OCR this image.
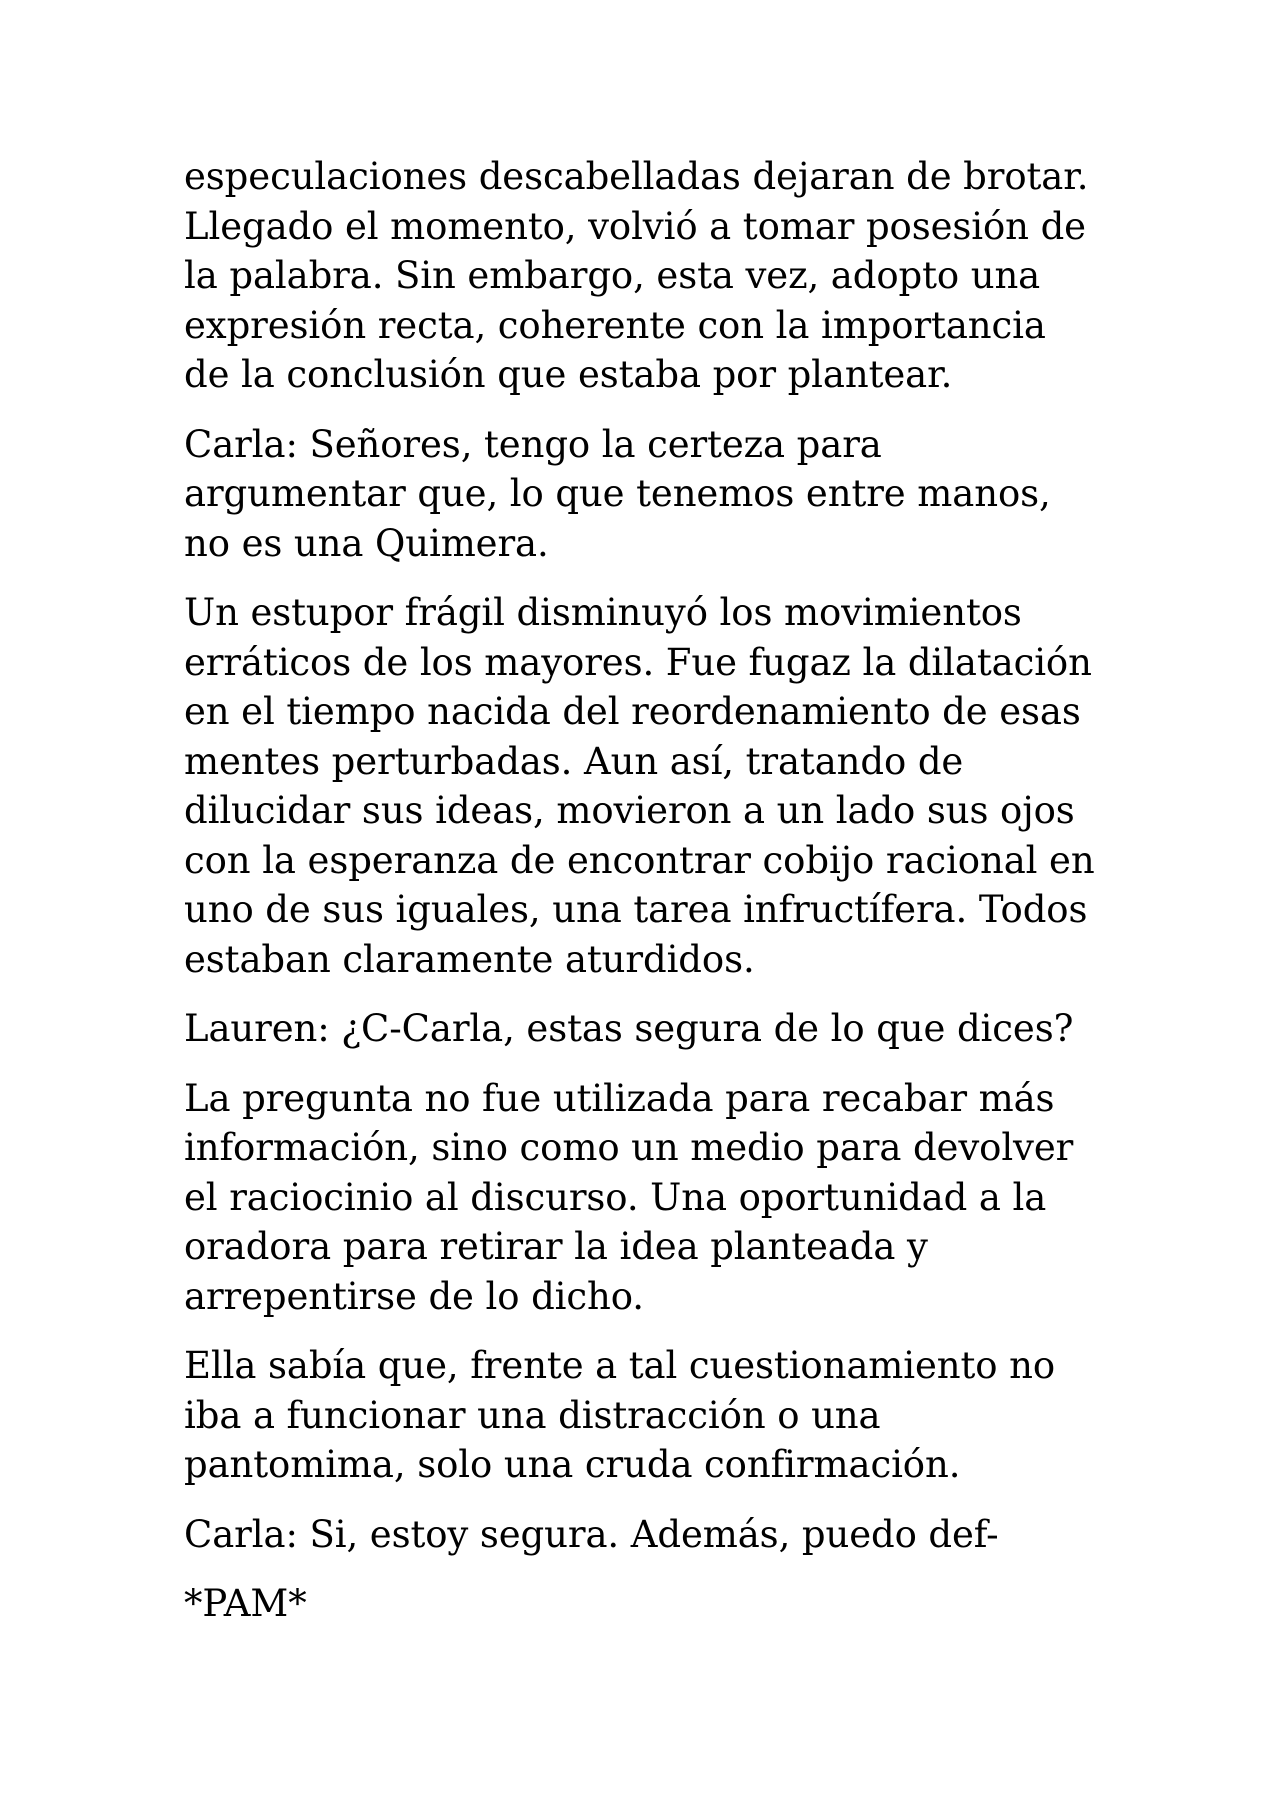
especulaciones descabelladas dejaran de brotar.
Llegado el momento, volvió a tomar posesión de
la palabra. Sin embargo, esta vez, adopto una
expresión recta, coherente con la importancia
de la conclusión que estaba por plantear.

Carla: Señores, tengo la certeza para
argumentar que, lo que tenemos entre manos,
no es una Quimera.

Un estupor frágil disminuyó los movimientos
erráticos de los mayores. Fue fugaz la dilatación
en el tiempo nacida del reordenamiento de esas
mentes perturbadas. Aun así, tratando de
dilucidar sus ideas, movieron a un lado sus ojos
con la esperanza de encontrar cobijo racional en
uno de sus iguales, una tarea infructífera. Todos
estaban claramente aturdidos.

Lauren: ¿C-Carla, estas segura de lo que dices?

La pregunta no fue utilizada para recabar más
información, sino como un medio para devolver
el raciocinio al discurso. Una oportunidad a la
oradora para retirar la idea planteada y
arrepentirse de lo dicho.

Ella sabía que, frente a tal cuestionamiento no
iba a funcionar una distracción o una
pantomima, solo una cruda confirmación.

Carla: Si, estoy segura. Además, puedo def-

*PAM*
